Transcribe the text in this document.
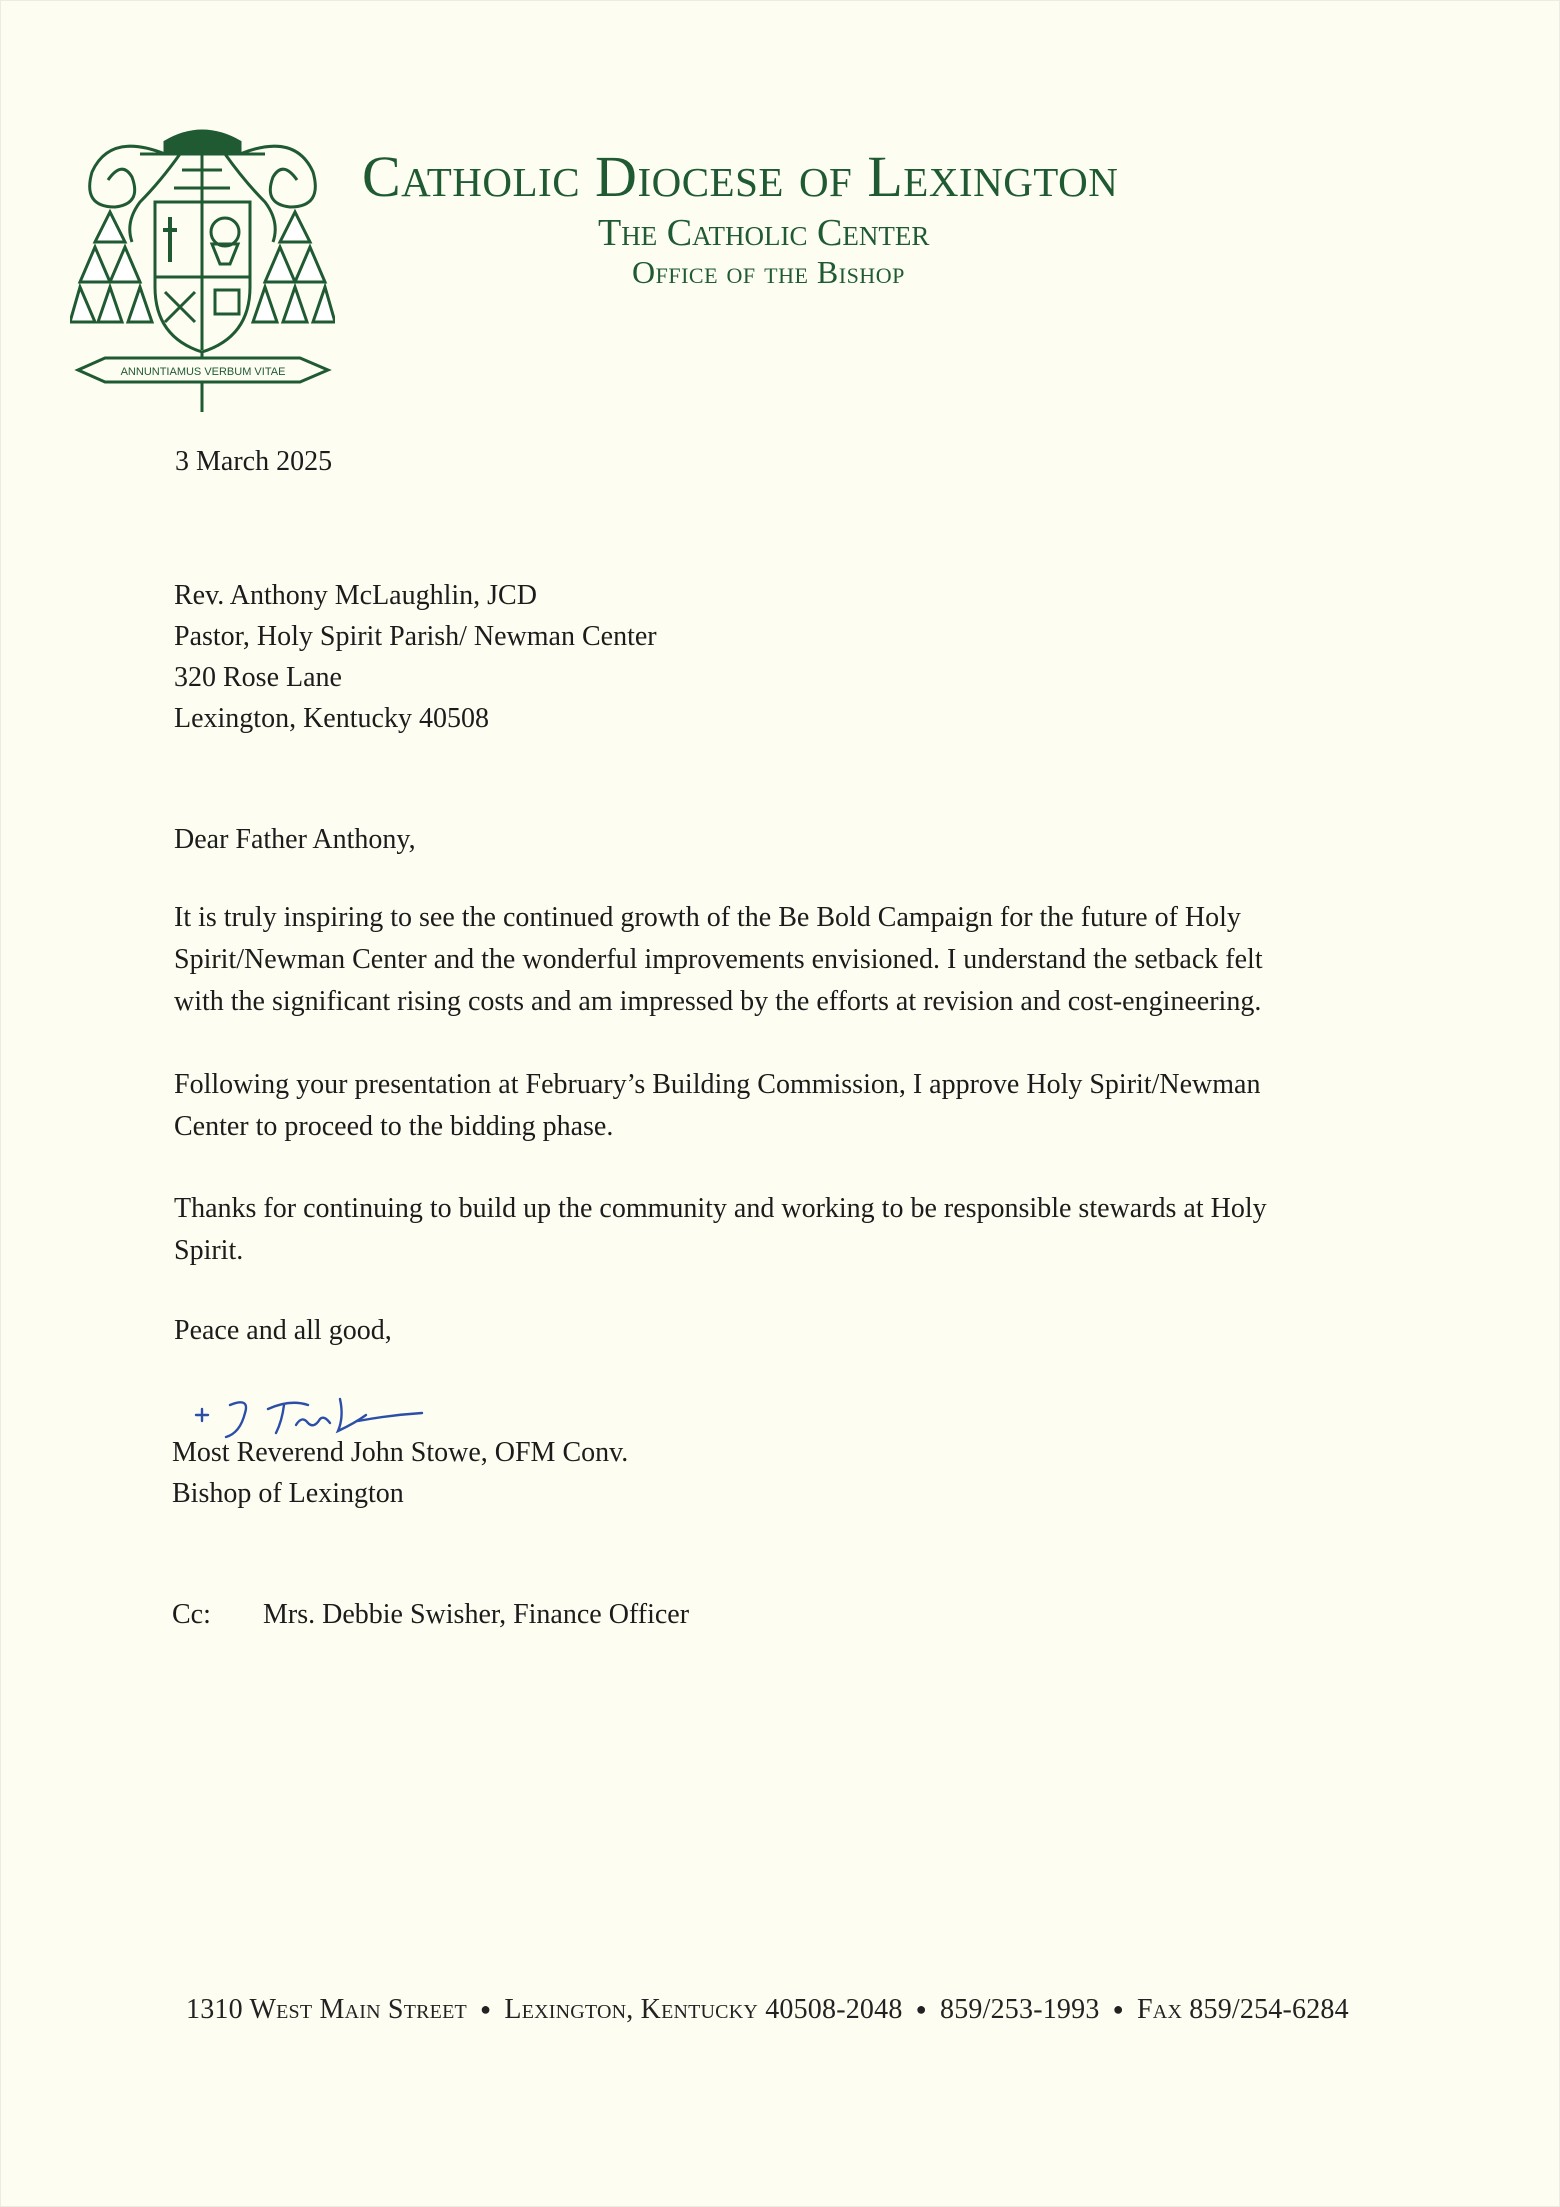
ANNUNTIAMUS VERBUM VITAE
Catholic Diocese of Lexington
The Catholic Center
Office of the Bishop
3 March 2025
Rev. Anthony McLaughlin, JCD
Pastor, Holy Spirit Parish/ Newman Center
320 Rose Lane
Lexington, Kentucky 40508
Dear Father Anthony,
It is truly inspiring to see the continued growth of the Be Bold Campaign for the future of Holy
Spirit/Newman Center and the wonderful improvements envisioned. I understand the setback felt
with the significant rising costs and am impressed by the efforts at revision and cost-engineering.
Following your presentation at February’s Building Commission, I approve Holy Spirit/Newman
Center to proceed to the bidding phase.
Thanks for continuing to build up the community and working to be responsible stewards at Holy
Spirit.
Peace and all good,
Most Reverend John Stowe, OFM Conv.
Bishop of Lexington
Cc: Mrs. Debbie Swisher, Finance Officer
1310 West Main Street ● Lexington, Kentucky 40508-2048 ● 859/253-1993 ● Fax 859/254-6284
